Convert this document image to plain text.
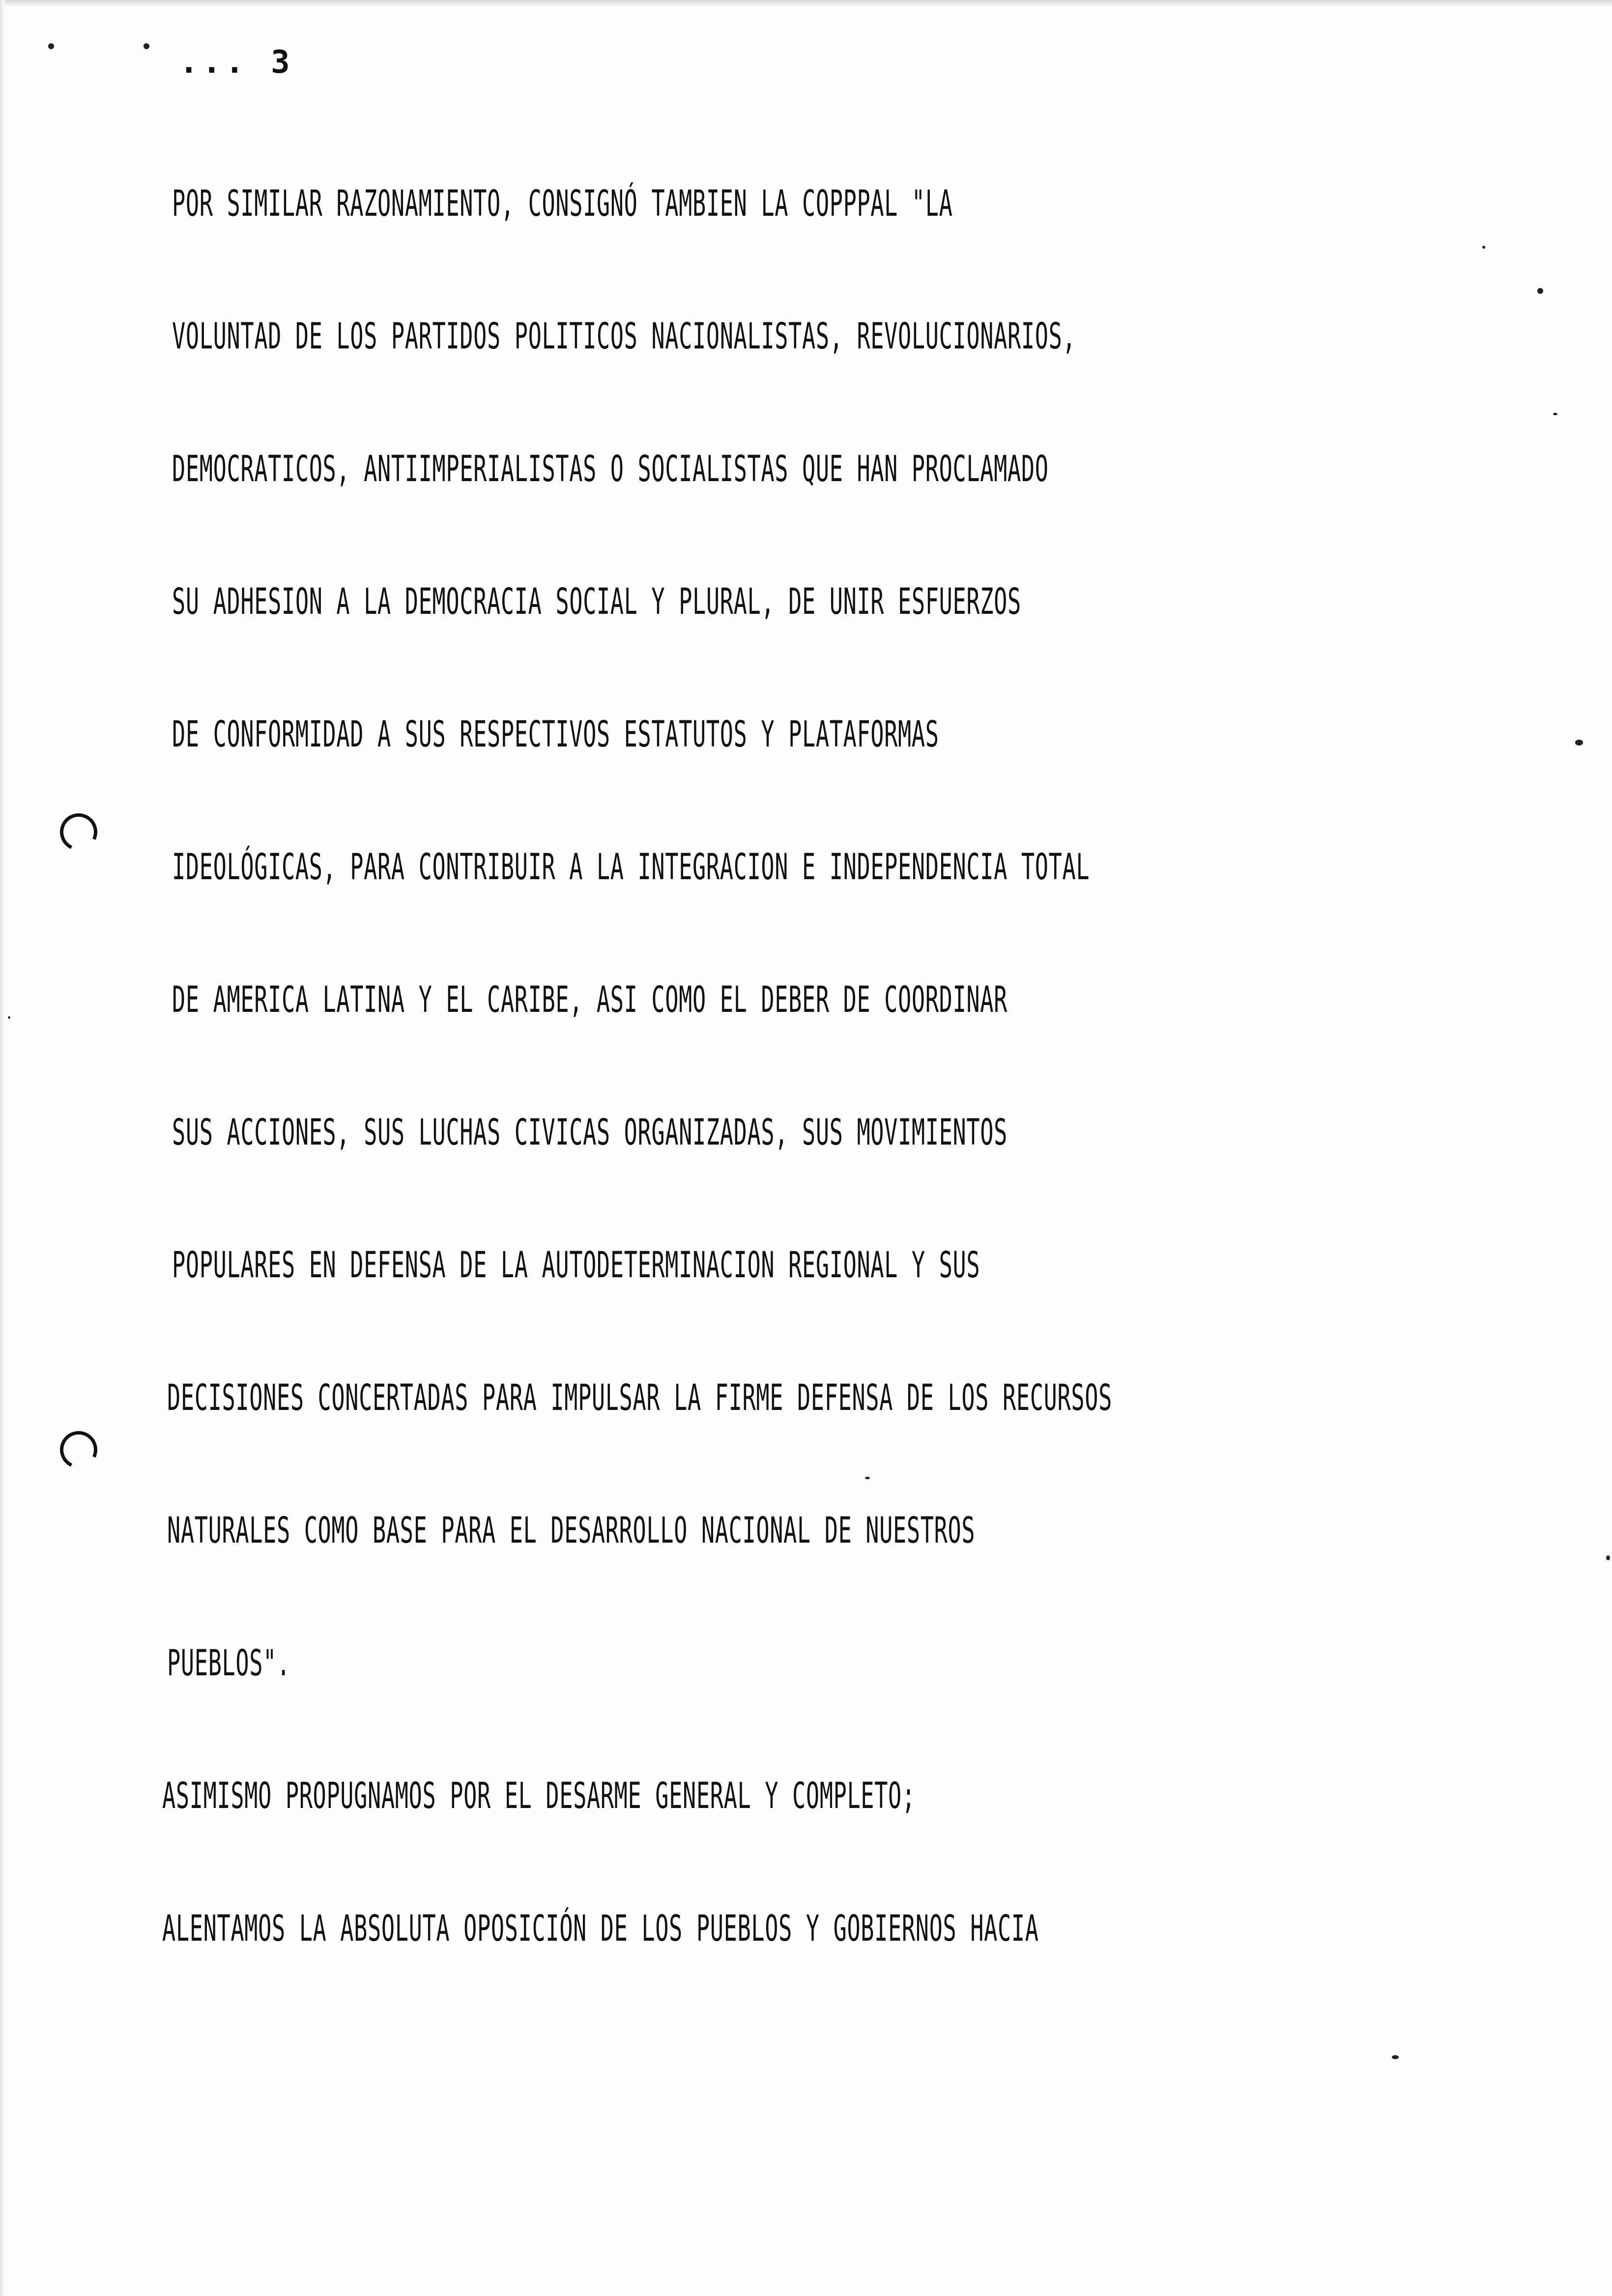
... 3
POR SIMILAR RAZONAMIENTO, CONSIGNÓ TAMBIEN LA COPPPAL "LA
VOLUNTAD DE LOS PARTIDOS POLITICOS NACIONALISTAS, REVOLUCIONARIOS,
DEMOCRATICOS, ANTIIMPERIALISTAS O SOCIALISTAS QUE HAN PROCLAMADO
SU ADHESION A LA DEMOCRACIA SOCIAL Y PLURAL, DE UNIR ESFUERZOS
DE CONFORMIDAD A SUS RESPECTIVOS ESTATUTOS Y PLATAFORMAS
IDEOLÓGICAS, PARA CONTRIBUIR A LA INTEGRACION E INDEPENDENCIA TOTAL
DE AMERICA LATINA Y EL CARIBE, ASI COMO EL DEBER DE COORDINAR
SUS ACCIONES, SUS LUCHAS CIVICAS ORGANIZADAS, SUS MOVIMIENTOS
POPULARES EN DEFENSA DE LA AUTODETERMINACION REGIONAL Y SUS
DECISIONES CONCERTADAS PARA IMPULSAR LA FIRME DEFENSA DE LOS RECURSOS
NATURALES COMO BASE PARA EL DESARROLLO NACIONAL DE NUESTROS
PUEBLOS".
ASIMISMO PROPUGNAMOS POR EL DESARME GENERAL Y COMPLETO;
ALENTAMOS LA ABSOLUTA OPOSICIÓN DE LOS PUEBLOS Y GOBIERNOS HACIA
